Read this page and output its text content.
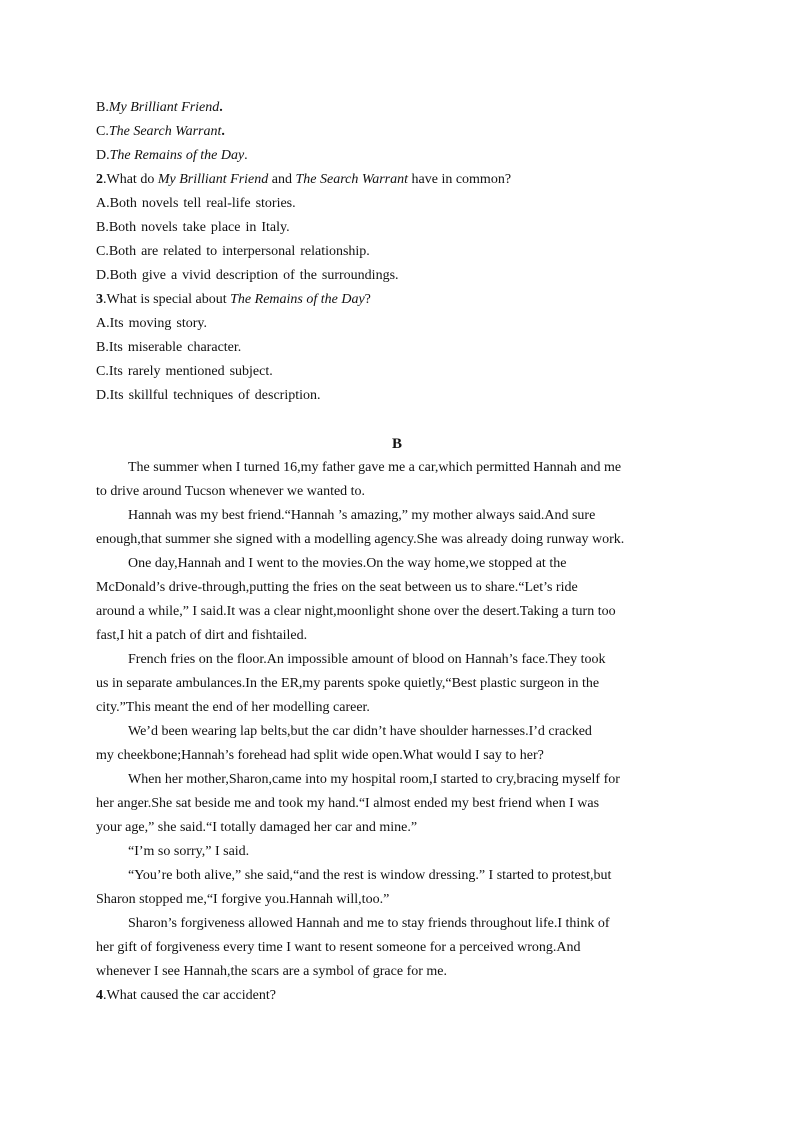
B.My Brilliant Friend.
C.The Search Warrant.
D.The Remains of the Day.
2.What do My Brilliant Friend and The Search Warrant have in common?
A.Both novels tell real-life stories.
B.Both novels take place in Italy.
C.Both are related to interpersonal relationship.
D.Both give a vivid description of the surroundings.
3.What is special about The Remains of the Day?
A.Its moving story.
B.Its miserable character.
C.Its rarely mentioned subject.
D.Its skillful techniques of description.
B
The summer when I turned 16,my father gave me a car,which permitted Hannah and me
to drive around Tucson whenever we wanted to.
Hannah was my best friend.“Hannah ’s amazing,” my mother always said.And sure
enough,that summer she signed with a modelling agency.She was already doing runway work.
One day,Hannah and I went to the movies.On the way home,we stopped at the
McDonald’s drive-through,putting the fries on the seat between us to share.“Let’s ride
around a while,” I said.It was a clear night,moonlight shone over the desert.Taking a turn too
fast,I hit a patch of dirt and fishtailed.
French fries on the floor.An impossible amount of blood on Hannah’s face.They took
us in separate ambulances.In the ER,my parents spoke quietly,“Best plastic surgeon in the
city.”This meant the end of her modelling career.
We’d been wearing lap belts,but the car didn’t have shoulder harnesses.I’d cracked
my cheekbone;Hannah’s forehead had split wide open.What would I say to her?
When her mother,Sharon,came into my hospital room,I started to cry,bracing myself for
her anger.She sat beside me and took my hand.“I almost ended my best friend when I was
your age,” she said.“I totally damaged her car and mine.”
“I’m so sorry,” I said.
“You’re both alive,” she said,“and the rest is window dressing.” I started to protest,but
Sharon stopped me,“I forgive you.Hannah will,too.”
Sharon’s forgiveness allowed Hannah and me to stay friends throughout life.I think of
her gift of forgiveness every time I want to resent someone for a perceived wrong.And
whenever I see Hannah,the scars are a symbol of grace for me.
4.What caused the car accident?
